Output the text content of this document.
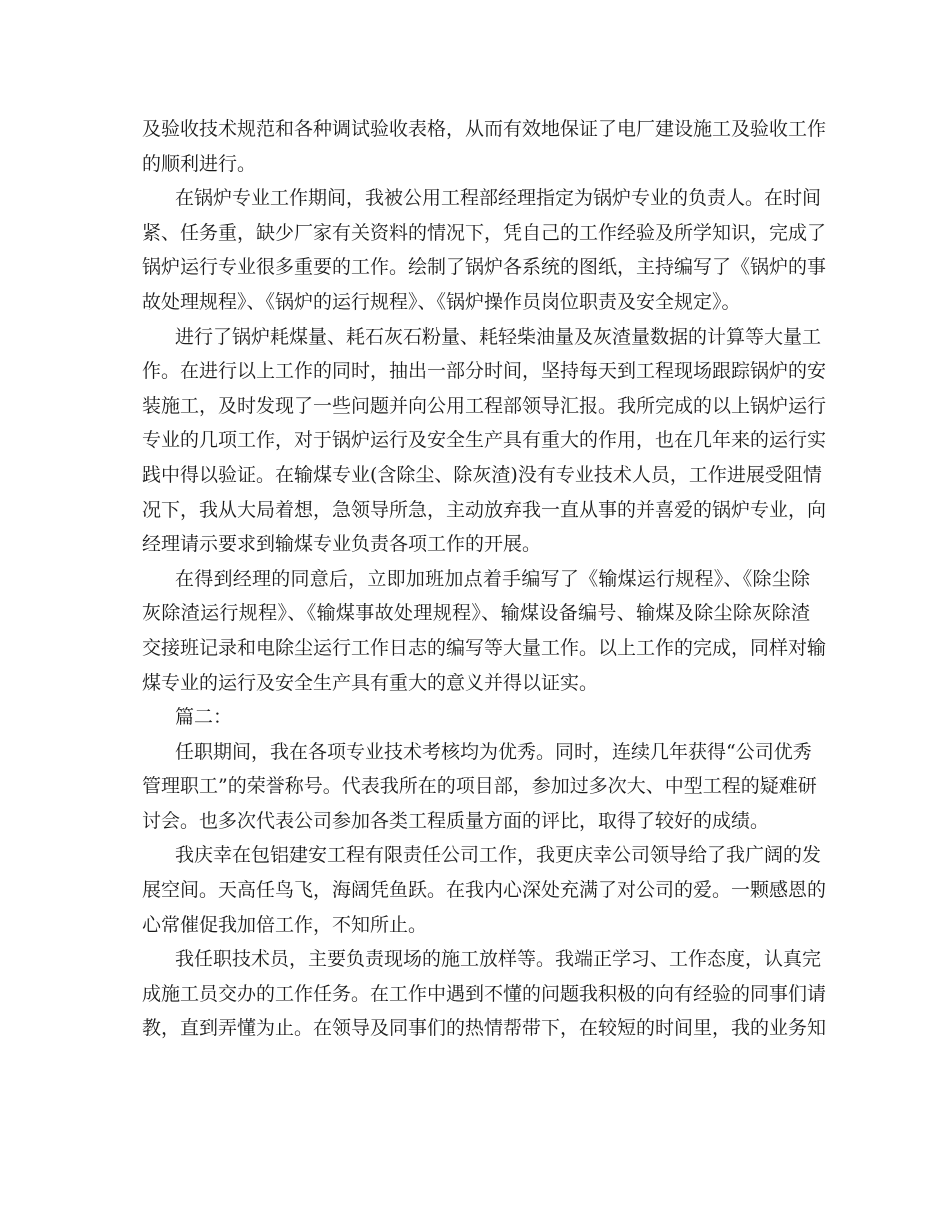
及验收技术规范和各种调试验收表格，从而有效地保证了电厂建设施工及验收工作
的顺利进行。
在锅炉专业工作期间，我被公用工程部经理指定为锅炉专业的负责人。在时间
紧、任务重，缺少厂家有关资料的情况下，凭自己的工作经验及所学知识，完成了
锅炉运行专业很多重要的工作。绘制了锅炉各系统的图纸，主持编写了《锅炉的事
故处理规程》、《锅炉的运行规程》、《锅炉操作员岗位职责及安全规定》。
进行了锅炉耗煤量、耗石灰石粉量、耗轻柴油量及灰渣量数据的计算等大量工
作。在进行以上工作的同时，抽出一部分时间，坚持每天到工程现场跟踪锅炉的安
装施工，及时发现了一些问题并向公用工程部领导汇报。我所完成的以上锅炉运行
专业的几项工作，对于锅炉运行及安全生产具有重大的作用，也在几年来的运行实
践中得以验证。在输煤专业(含除尘、除灰渣)没有专业技术人员，工作进展受阻情
况下，我从大局着想，急领导所急，主动放弃我一直从事的并喜爱的锅炉专业，向
经理请示要求到输煤专业负责各项工作的开展。
在得到经理的同意后，立即加班加点着手编写了《输煤运行规程》、《除尘除
灰除渣运行规程》、《输煤事故处理规程》、输煤设备编号、输煤及除尘除灰除渣
交接班记录和电除尘运行工作日志的编写等大量工作。以上工作的完成，同样对输
煤专业的运行及安全生产具有重大的意义并得以证实。
篇二：
任职期间，我在各项专业技术考核均为优秀。同时，连续几年获得“公司优秀
管理职工”的荣誉称号。代表我所在的项目部，参加过多次大、中型工程的疑难研
讨会。也多次代表公司参加各类工程质量方面的评比，取得了较好的成绩。
我庆幸在包铝建安工程有限责任公司工作，我更庆幸公司领导给了我广阔的发
展空间。天高任鸟飞，海阔凭鱼跃。在我内心深处充满了对公司的爱。一颗感恩的
心常催促我加倍工作，不知所止。
我任职技术员，主要负责现场的施工放样等。我端正学习、工作态度，认真完
成施工员交办的工作任务。在工作中遇到不懂的问题我积极的向有经验的同事们请
教，直到弄懂为止。在领导及同事们的热情帮带下，在较短的时间里，我的业务知
